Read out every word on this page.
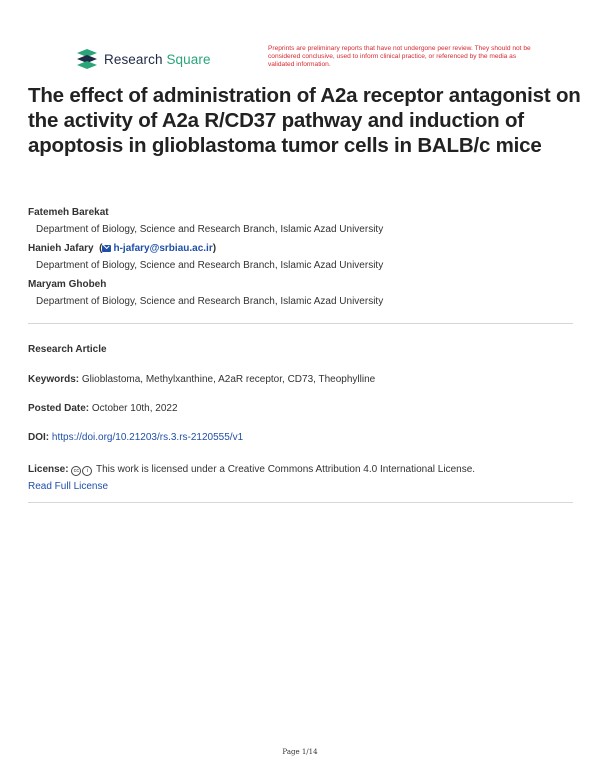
Research Square
Preprints are preliminary reports that have not undergone peer review. They should not be considered conclusive, used to inform clinical practice, or referenced by the media as validated information.
The effect of administration of A2a receptor antagonist on the activity of A2a R/CD37 pathway and induction of apoptosis in glioblastoma tumor cells in BALB/c mice
Fatemeh Barekat
Department of Biology, Science and Research Branch, Islamic Azad University
Hanieh Jafary  ( h-jafary@srbiau.ac.ir)
Department of Biology, Science and Research Branch, Islamic Azad University
Maryam Ghobeh
Department of Biology, Science and Research Branch, Islamic Azad University
Research Article
Keywords: Glioblastoma, Methylxanthine, A2aR receptor, CD73, Theophylline
Posted Date: October 10th, 2022
DOI: https://doi.org/10.21203/rs.3.rs-2120555/v1
License: cc i This work is licensed under a Creative Commons Attribution 4.0 International License.
Read Full License
Page 1/14
